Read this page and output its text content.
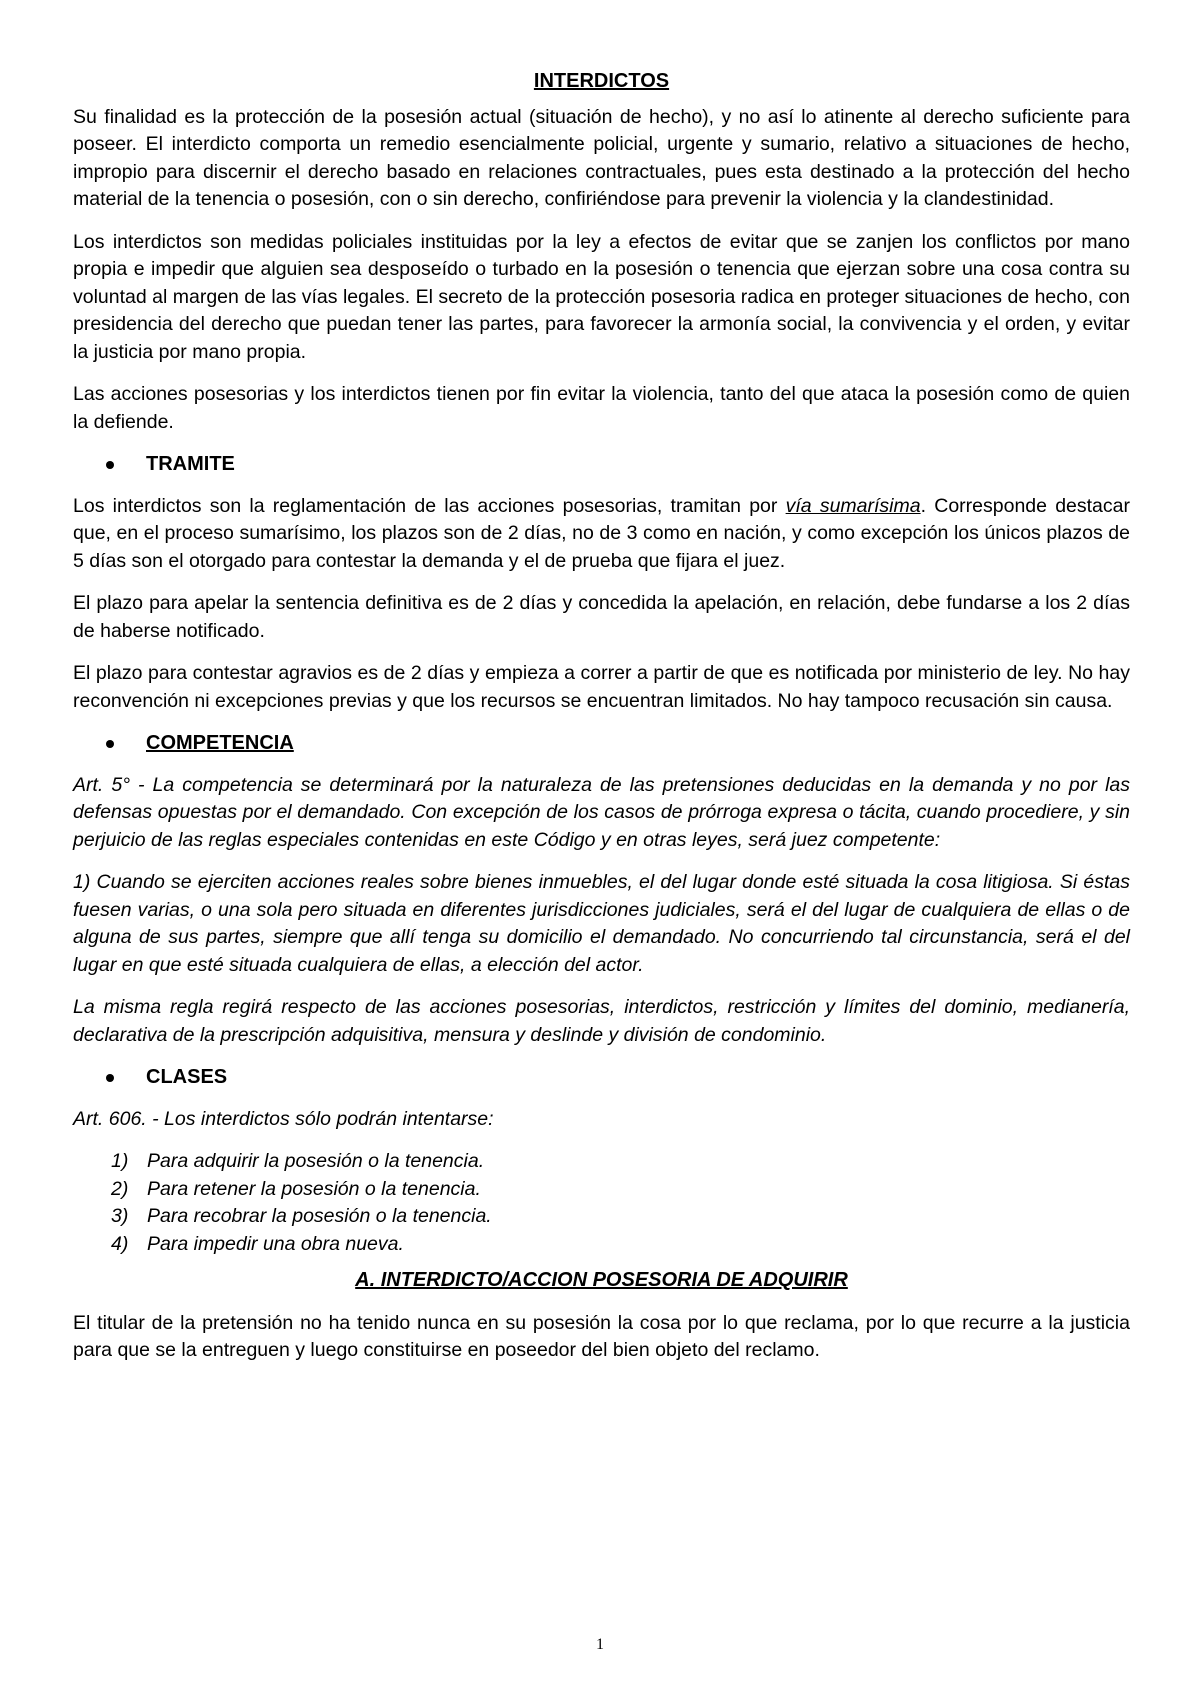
INTERDICTOS

Su finalidad es la protección de la posesión actual (situación de hecho), y no así lo atinente al derecho suficiente para poseer. El interdicto comporta un remedio esencialmente policial, urgente y sumario, relativo a situaciones de hecho, impropio para discernir el derecho basado en relaciones contractuales, pues esta destinado a la protección del hecho material de la tenencia o posesión, con o sin derecho, confiriéndose para prevenir la violencia y la clandestinidad.

Los interdictos son medidas policiales instituidas por la ley a efectos de evitar que se zanjen los conflictos por mano propia e impedir que alguien sea desposeído o turbado en la posesión o tenencia que ejerzan sobre una cosa contra su voluntad al margen de las vías legales. El secreto de la protección posesoria radica en proteger situaciones de hecho, con presidencia del derecho que puedan tener las partes, para favorecer la armonía social, la convivencia y el orden, y evitar la justicia por mano propia.

Las acciones posesorias y los interdictos tienen por fin evitar la violencia, tanto del que ataca la posesión como de quien la defiende.

TRAMITE

Los interdictos son la reglamentación de las acciones posesorias, tramitan por vía sumarísima. Corresponde destacar que, en el proceso sumarísimo, los plazos son de 2 días, no de 3 como en nación, y como excepción los únicos plazos de 5 días son el otorgado para contestar la demanda y el de prueba que fijara el juez.

El plazo para apelar la sentencia definitiva es de 2 días y concedida la apelación, en relación, debe fundarse a los 2 días de haberse notificado.

El plazo para contestar agravios es de 2 días y empieza a correr a partir de que es notificada por ministerio de ley. No hay reconvención ni excepciones previas y que los recursos se encuentran limitados. No hay tampoco recusación sin causa.

COMPETENCIA

Art. 5° - La competencia se determinará por la naturaleza de las pretensiones deducidas en la demanda y no por las defensas opuestas por el demandado. Con excepción de los casos de prórroga expresa o tácita, cuando procediere, y sin perjuicio de las reglas especiales contenidas en este Código y en otras leyes, será juez competente:

1) Cuando se ejerciten acciones reales sobre bienes inmuebles, el del lugar donde esté situada la cosa litigiosa. Si éstas fuesen varias, o una sola pero situada en diferentes jurisdicciones judiciales, será el del lugar de cualquiera de ellas o de alguna de sus partes, siempre que allí tenga su domicilio el demandado. No concurriendo tal circunstancia, será el del lugar en que esté situada cualquiera de ellas, a elección del actor.

La misma regla regirá respecto de las acciones posesorias, interdictos, restricción y límites del dominio, medianería, declarativa de la prescripción adquisitiva, mensura y deslinde y división de condominio.

CLASES

Art. 606. - Los interdictos sólo podrán intentarse:

1) Para adquirir la posesión o la tenencia.
2) Para retener la posesión o la tenencia.
3) Para recobrar la posesión o la tenencia.
4) Para impedir una obra nueva.
A. INTERDICTO/ACCION POSESORIA DE ADQUIRIR

El titular de la pretensión no ha tenido nunca en su posesión la cosa por lo que reclama, por lo que recurre a la justicia para que se la entreguen y luego constituirse en poseedor del bien objeto del reclamo.

1
